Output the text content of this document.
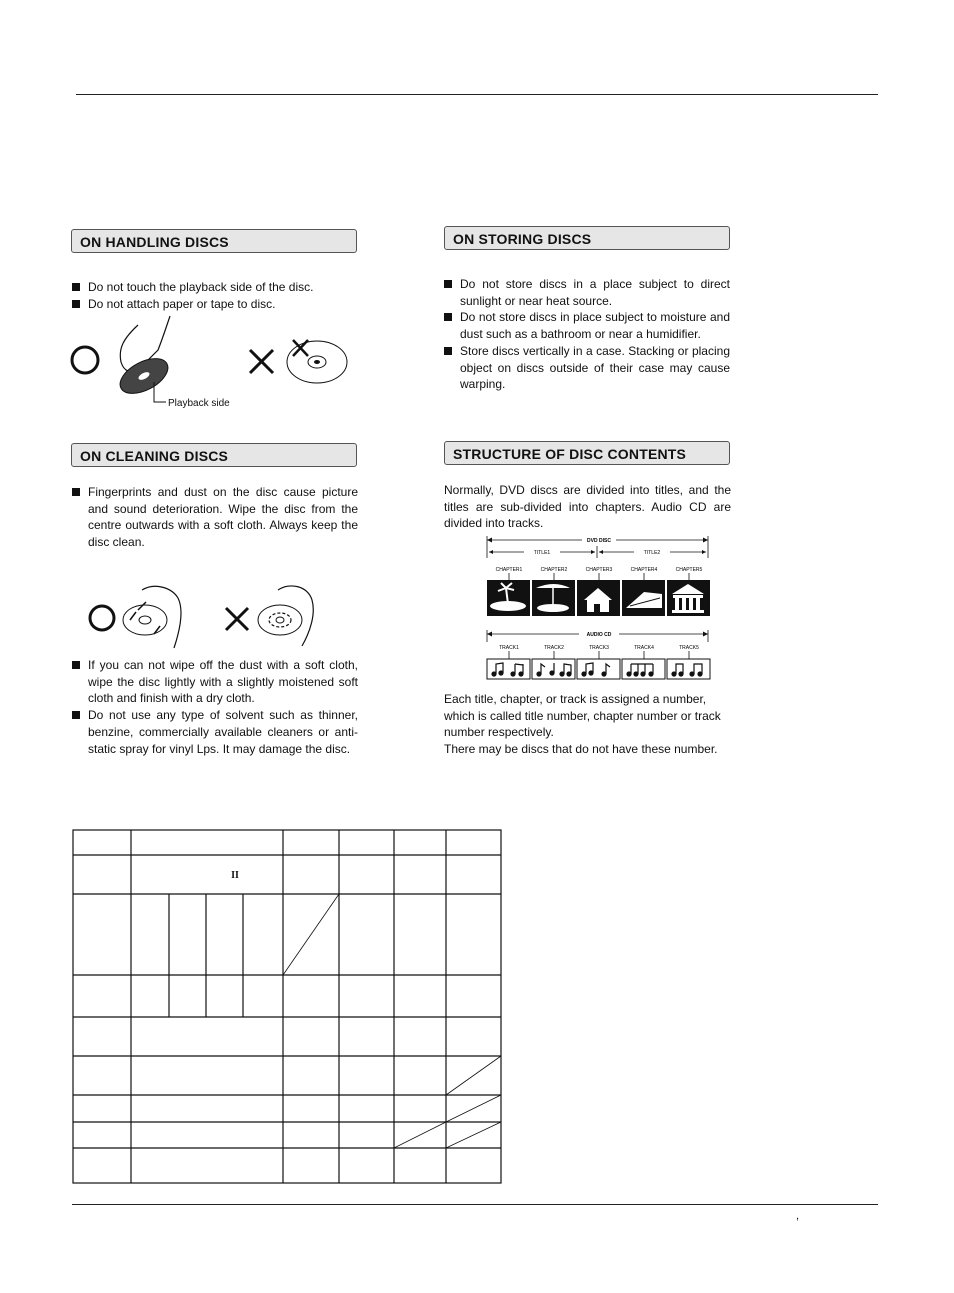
ON HANDLING DISCS
Do not touch the playback side of the disc.
Do not attach paper or tape to disc.
Playback side
ON STORING DISCS
Do not store discs in a place subject to direct sunlight or near heat source.
Do not store discs in place subject to moisture and dust such as a bathroom or near a humidifier.
Store discs vertically in a case. Stacking or placing object on discs outside of their case may cause warping.
ON CLEANING DISCS
Fingerprints and dust on the disc cause picture and sound deterioration. Wipe the disc from the centre outwards with a soft cloth. Always keep the disc clean.
If you can not wipe off the dust with a soft cloth, wipe the disc lightly with a slightly moistened soft cloth and finish with a dry cloth.
Do not use any type of solvent such as thinner, benzine, commercially available cleaners or anti-static spray for vinyl Lps. It may damage the disc.
STRUCTURE OF DISC CONTENTS

Normally, DVD discs are divided into titles, and the titles are sub-divided into chapters. Audio CD are divided into tracks.

DVD DISC
TITLE1	TITLE2
CHAPTER1	CHAPTER2	CHAPTER3	CHAPTER4	CHAPTER5
AUDIO CD
TRACK1	TRACK2	TRACK3	TRACK4	TRACK5
Each title, chapter, or track is assigned a number,
which is called title number, chapter number or track
number respectively.
There may be discs that do not have these number.
II
,
